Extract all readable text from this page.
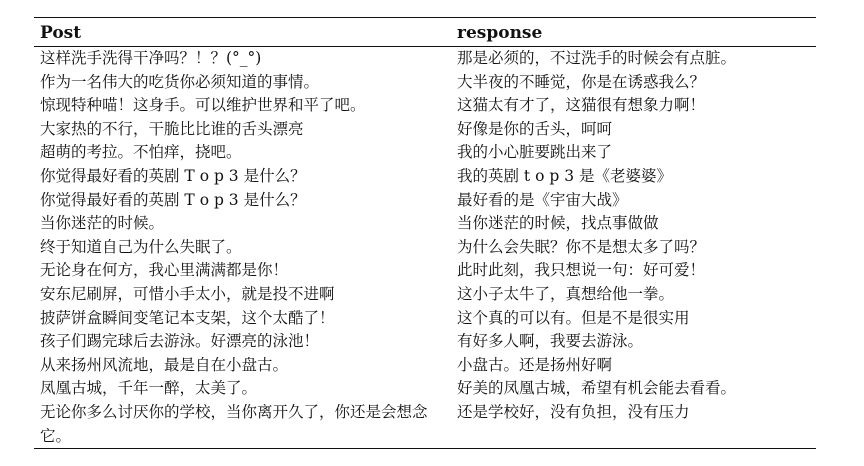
Post	response
这样洗手洗得干净吗？！？(°_°)	那是必须的，不过洗手的时候会有点脏。
作为一名伟大的吃货你必须知道的事情。	大半夜的不睡觉，你是在诱惑我么？
惊现特种喵！这身手。可以维护世界和平了吧。	这猫太有才了，这猫很有想象力啊！
大家热的不行，干脆比比谁的舌头漂亮	好像是你的舌头，呵呵
超萌的考拉。不怕痒，挠吧。	我的小心脏要跳出来了
你觉得最好看的英剧 T o p 3 是什么？	我的英剧 t o p 3 是《老婆婆》
你觉得最好看的英剧 T o p 3 是什么？	最好看的是《宇宙大战》
当你迷茫的时候。	当你迷茫的时候，找点事做做
终于知道自己为什么失眠了。	为什么会失眠？你不是想太多了吗？
无论身在何方，我心里满满都是你！	此时此刻，我只想说一句：好可爱！
安东尼刷屏，可惜小手太小，就是投不进啊	这小子太牛了，真想给他一拳。
披萨饼盒瞬间变笔记本支架，这个太酷了！	这个真的可以有。但是不是很实用
孩子们踢完球后去游泳。好漂亮的泳池！	有好多人啊，我要去游泳。
从来扬州风流地，最是自在小盘古。	小盘古。还是扬州好啊
凤凰古城，千年一醉，太美了。	好美的凤凰古城，希望有机会能去看看。
无论你多么讨厌你的学校，当你离开久了，你还是会想念它。	还是学校好，没有负担，没有压力
